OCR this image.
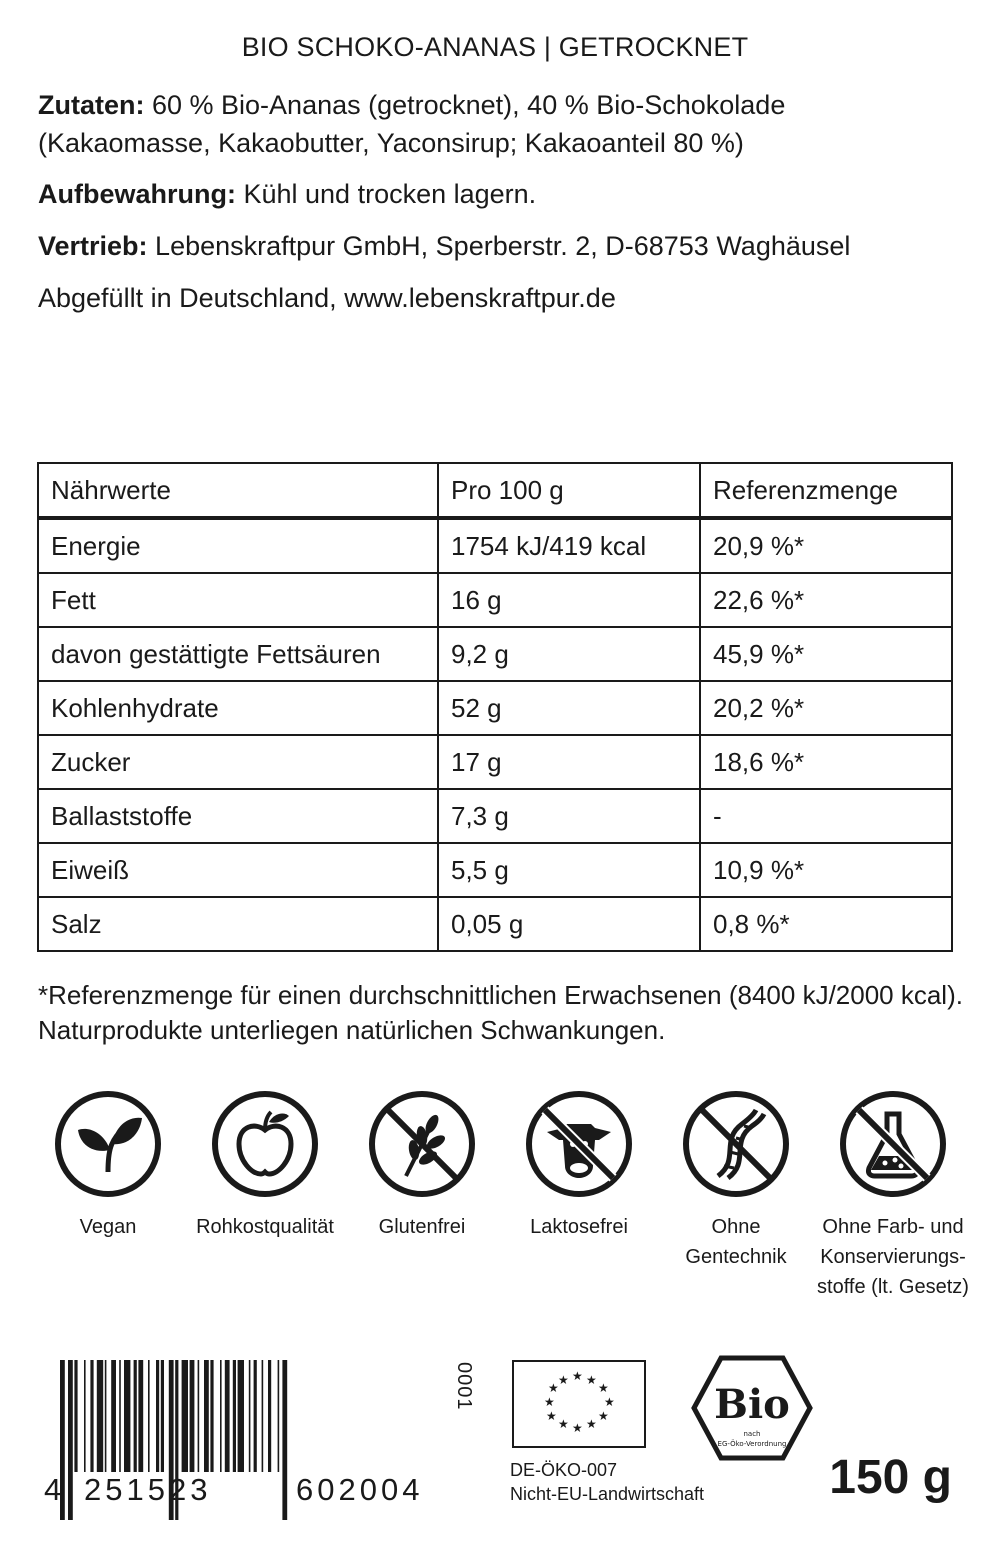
BIO SCHOKO-ANANAS | GETROCKNET
Zutaten: 60 % Bio-Ananas (getrocknet), 40 % Bio-Schokolade (Kakaomasse, Kakaobutter, Yaconsirup; Kakaoanteil 80 %)
Aufbewahrung: Kühl und trocken lagern.
Vertrieb: Lebenskraftpur GmbH, Sperberstr. 2, D-68753 Waghäusel
Abgefüllt in Deutschland, www.lebenskraftpur.de
Nährwerte	Pro 100 g	Referenzmenge
Energie	1754 kJ/419 kcal	20,9 %*
Fett	16 g	22,6 %*
davon gestättigte Fettsäuren	9,2 g	45,9 %*
Kohlenhydrate	52 g	20,2 %*
Zucker	17 g	18,6 %*
Ballaststoffe	7,3 g	-
Eiweiß	5,5 g	10,9 %*
Salz	0,05 g	0,8 %*
*Referenzmenge für einen durchschnittlichen Erwachsenen (8400 kJ/2000 kcal). Naturprodukte unterliegen natürlichen Schwankungen.
Vegan	Rohkostqualität	Glutenfrei	Laktosefrei	Ohne
Gentechnik
Ohne Farb- und
Konservierungs-
stoffe (lt. Gesetz)
4 251523	602004
0001	★ ★ ★
★
★
★
★
★
★
★
★
★
DE-ÖKO-007
Nicht-EU-Landwirtschaft
Bio
nach
EG-Öko-Verordnung
150 g
